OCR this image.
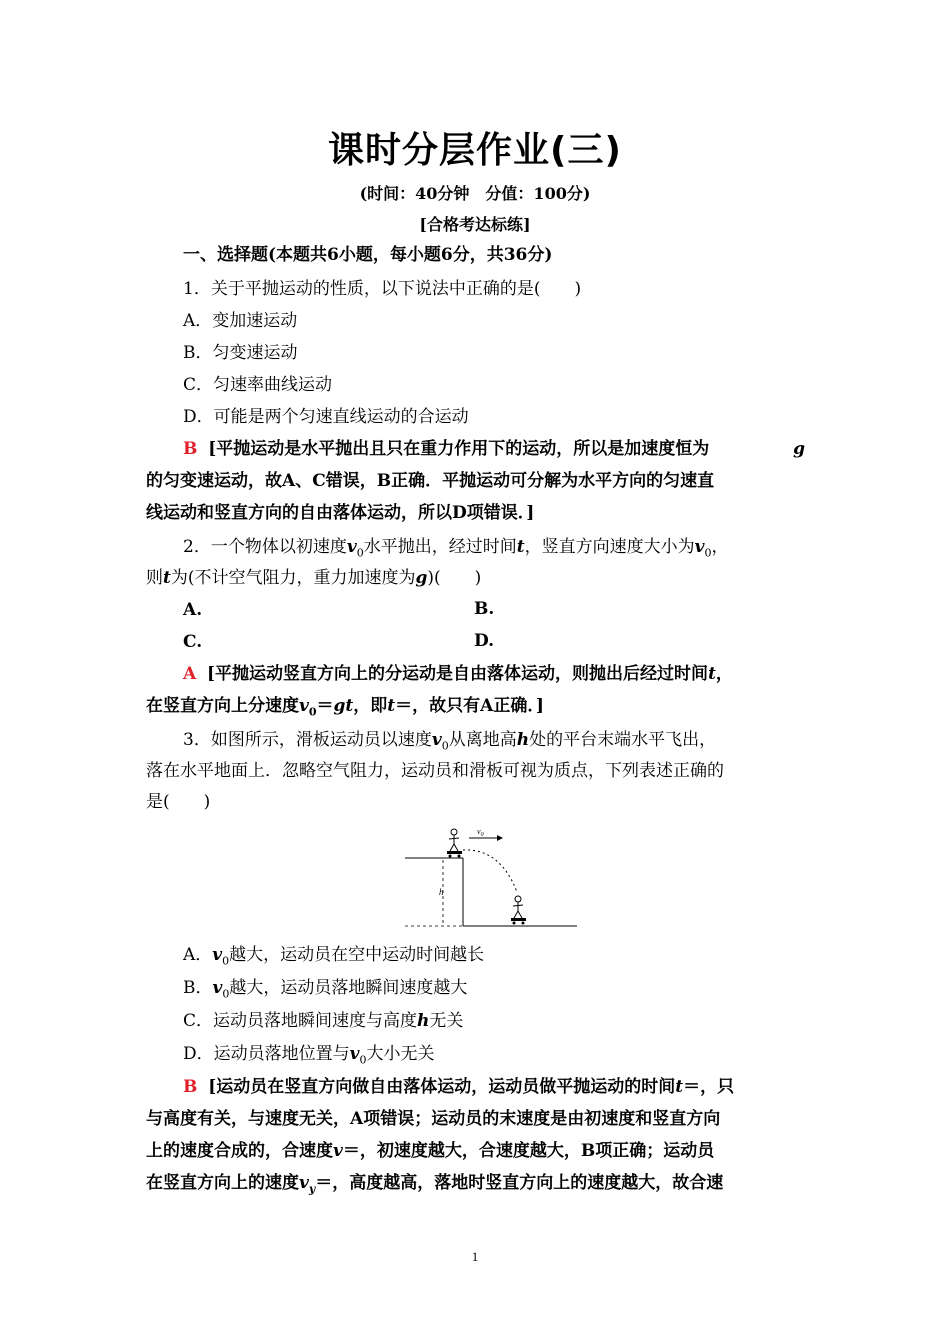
课时分层作业(三)
(时间：40分钟　分值：100分)
[合格考达标练]
一、选择题(本题共6小题，每小题6分，共36分)
1．关于平抛运动的性质，以下说法中正确的是(　　)
A．变加速运动
B．匀变速运动
C．匀速率曲线运动
D．可能是两个匀速直线运动的合运动
B [平抛运动是水平抛出且只在重力作用下的运动，所以是加速度恒为	g
的匀变速运动，故A、C错误，B正确．平抛运动可分解为水平方向的匀速直
线运动和竖直方向的自由落体运动，所以D项错误．]
2．一个物体以初速度$v_0$水平抛出，经过时间t，竖直方向速度大小为$v_0$，
则t为(不计空气阻力，重力加速度为g)(　　)
A.	B.
C.	D.
A [平抛运动竖直方向上的分运动是自由落体运动，则抛出后经过时间t，
在竖直方向上分速度$v_0=gt$，即t＝，故只有A正确．]
3．如图所示，滑板运动员以速度$v_0$从离地高h处的平台末端水平飞出，
落在水平地面上．忽略空气阻力，运动员和滑板可视为质点，下列表述正确的
是(　　)
h
$v_0$
A．$v_0$越大，运动员在空中运动时间越长
B．$v_0$越大，运动员落地瞬间速度越大
C．运动员落地瞬间速度与高度h无关
D．运动员落地位置与$v_0$大小无关
B [运动员在竖直方向做自由落体运动，运动员做平抛运动的时间t＝，只
与高度有关，与速度无关，A项错误；运动员的末速度是由初速度和竖直方向
上的速度合成的，合速度v＝，初速度越大，合速度越大，B项正确；运动员
在竖直方向上的速度$v_y=$，高度越高，落地时竖直方向上的速度越大，故合速
1
